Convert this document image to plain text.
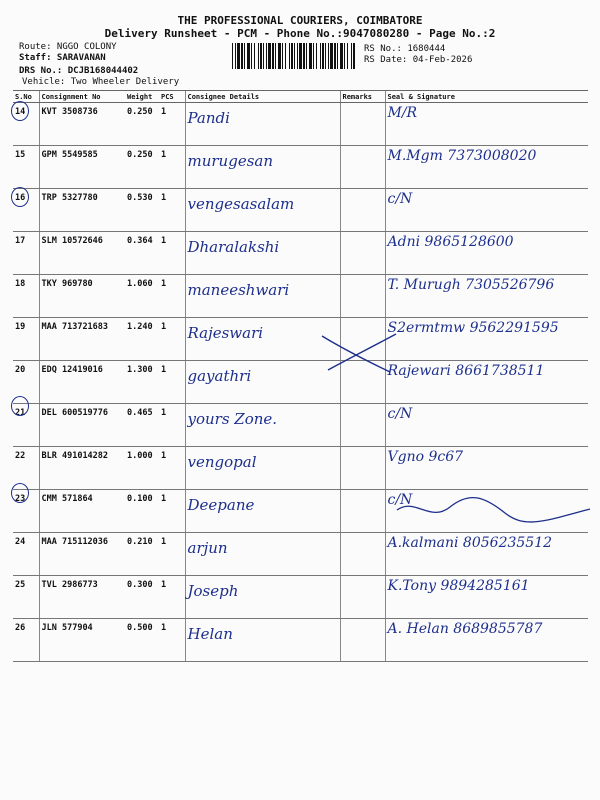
THE PROFESSIONAL COURIERS, COIMBATORE
Delivery Runsheet - PCM - Phone No.:9047080280 - Page No.:2
Route: NGGO COLONY
Staff: SARAVANAN
DRS No.: DCJB168044402
Vehicle: Two Wheeler Delivery
RS No.: 1680444
RS Date: 04-Feb-2026
S.No	Consignment No	Weight	PCS	Consignee Details	Remarks	Seal & Signature
14	KVT 3508736	0.250	1	Pandi		M/R
15	GPM 5549585	0.250	1	murugesan		M.Mgm 7373008020
16	TRP 5327780	0.530	1	vengesasalam		c/N
17	SLM 10572646	0.364	1	Dharalakshi		Adni 9865128600
18	TKY 969780	1.060	1	maneeshwari		T. Murugh 7305526796
19	MAA 713721683	1.240	1	Rajeswari		S2ermtmw 9562291595
20	EDQ 12419016	1.300	1	gayathri		Rajewari 8661738511
21	DEL 600519776	0.465	1	yours Zone.		c/N
22	BLR 491014282	1.000	1	vengopal		Vgno 9c67
23	CMM 571864	0.100	1	Deepane		c/N
24	MAA 715112036	0.210	1	arjun		A.kalmani 8056235512
25	TVL 2986773	0.300	1	Joseph		K.Tony 9894285161
26	JLN 577904	0.500	1	Helan		A. Helan 8689855787
